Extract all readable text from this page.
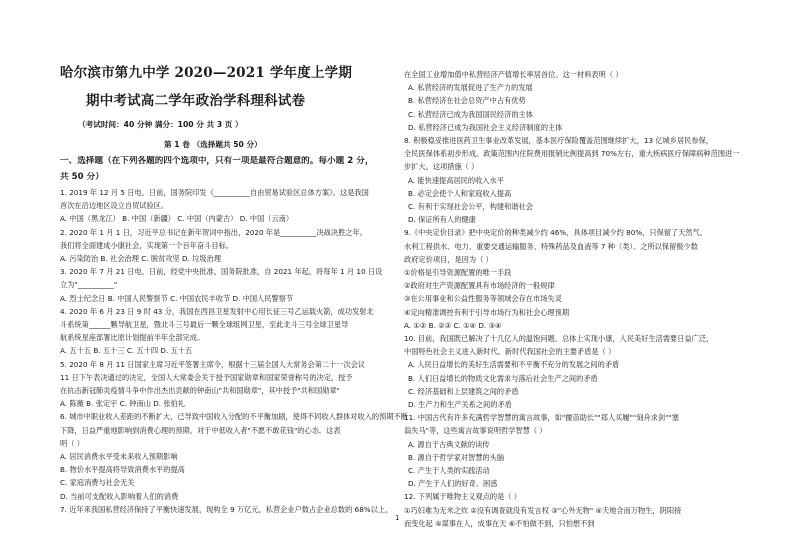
哈尔滨市第九中学 2020—2021 学年度上学期
期中考试高二学年政治学科理科试卷
（考试时间：40 分钟 满分：100 分 共 3 页 ）
第 1 卷 （选择题共 50 分）
一、选择题（在下列各题的四个选项中，只有一项是最符合题意的。每小题 2 分，
共 50 分）
1. 2019 年 12 月 5 日电，日前，国务院印发《__________自由贸易试验区总体方案》。这是我国
首次在沿边地区设立自贸试验区。
A. 中国（黑龙江） B. 中国（新疆） C. 中国（内蒙古） D. 中国（云南）
2. 2020 年 1 月 1 日，习近平总书记在新年贺词中指出，2020 年是__________决战决胜之年。
我们将全面建成小康社会，实现第一个百年奋斗目标。
A. 污染防治 B. 社会治理 C. 脱贫攻坚 D. 垃圾治理
3. 2020 年 7 月 21 日电，日前，经党中央批准、国务院批准，自 2021 年起，将每年 1 月 10 日设
立为"__________"
A. 烈士纪念日 B. 中国人民警察节 C. 中国农民丰收节 D. 中国人民警察节
4. 2020 年 6 月 23 日 9 时 43 分，我国在西昌卫星发射中心用长征三号乙运载火箭，成功发射北
斗系统第______颗导航卫星，暨北斗三号最后一颗全球组网卫星，至此北斗三号全球卫星导
航系统星座部署比原计划提前半年全部完成。
A. 五十五 B. 五十三 C. 五十四 D. 五十五
5. 2020 年 8 月 11 日国家主席习近平签署主席令，根据十三届全国人大常务会第二十一次会议
11 日下午表决通过的决定，全国人大常委会关于授予国家勋章和国家荣誉称号的决定，授予
在抗击新冠肺炎疫情斗争中作出杰出贡献的钟南山"共和国勋章"，其中授予"共和国勋章"
A. 陈薇 B. 张定宇 C. 钟南山 D. 张伯礼
6. 城市中职业收入差距的不断扩大，已导致中国收入分配的不平衡加剧，使得不同收入群体对收入的预期不断
下降，日益严重地影响到消费心理的预期。对于中低收入者"不愿不敢花钱"的心态。这表
明（ ）
A. 居民消费水平受未来收入预期影响
B. 物价水平提高将导致消费水平的提高
C. 家庭消费与社会无关
D. 当前可支配收入影响着人们的消费
7. 近年来我国私营经济保持了平衡快速发展，现构全 9 万亿元，私营企业户数占企业总数的 68%以上，
在全国工业增加值中私营经济产值增长率居首位。这一材料表明（ ）
A. 私营经济的发展促进了生产力的发展
B. 私营经济在社会总资产中占有优势
C. 私营经济已成为我国国民经济的主体
D. 私营经济已成为我国社会主义经济制度的主体
8. 积极稳妥推进医药卫生事业改革发展，基本医疗保险覆盖范围继续扩大，13 亿城乡居民参保，
全民医保体系初步形成。政策范围内住院费用报销比例提高到 70%左右，重大疾病医疗保障病种范围进一
步扩大。这项措施（ ）
A. 能快速提高居民的收入水平
B. 必定会使个人和家庭收入提高
C. 有利于实现社会公平，构建和谐社会
D. 保证所有人的健康
9.《中央定价目录》把中央定价的种类减少约 46%，具体项目减少约 80%，只保留了天然气、
水利工程供水、电力、重要交通运输服务、特殊药品及血液等 7 种（类）。之所以保留极少数
政府定价项目，是因为（ ）
①价格是引导资源配置的唯一手段
②政府对生产资源配置具有市场经济的一般规律
③在公用事业和公益性服务等领域会存在市场失灵
④定向精准调控有利于引导市场行为和社会心理预期
A. ①② B. ②③ C. ①④ D. ③④
10. 目前，我国既已解决了十几亿人的温饱问题，总体上实现小康，人民美好生活需要日益广泛，
中国特色社会主义进入新时代。新时代我国社会的主要矛盾是（ ）
A. 人民日益增长的美好生活需要和不平衡不充分的发展之间的矛盾
B. 人们日益增长的物质文化需求与落后社会生产之间的矛盾
C. 经济基础和上层建筑之间的矛盾
D. 生产力和生产关系之间的矛盾
11. 中国古代有许多充满哲学智慧的寓言故事，如"揠苗助长""郑人买履""刻舟求剑""塞
翁失马"等，这些寓言故事说明哲学智慧（ ）
A. 源自于古典文献的读传
B. 源自于哲学家对智慧的头脑
C. 产生于人类的实践活动
D. 产生于人们的好奇、困惑
12. 下列属于唯物主义观点的是（ ）
①巧妇难为无米之炊 ②没有调查就没有发言权 ③"心外无物" ④天地合而万物生，阴阳接
而变化起 ⑤谋事在人，成事在天 ⑥不怕做不到，只怕想不到
1
